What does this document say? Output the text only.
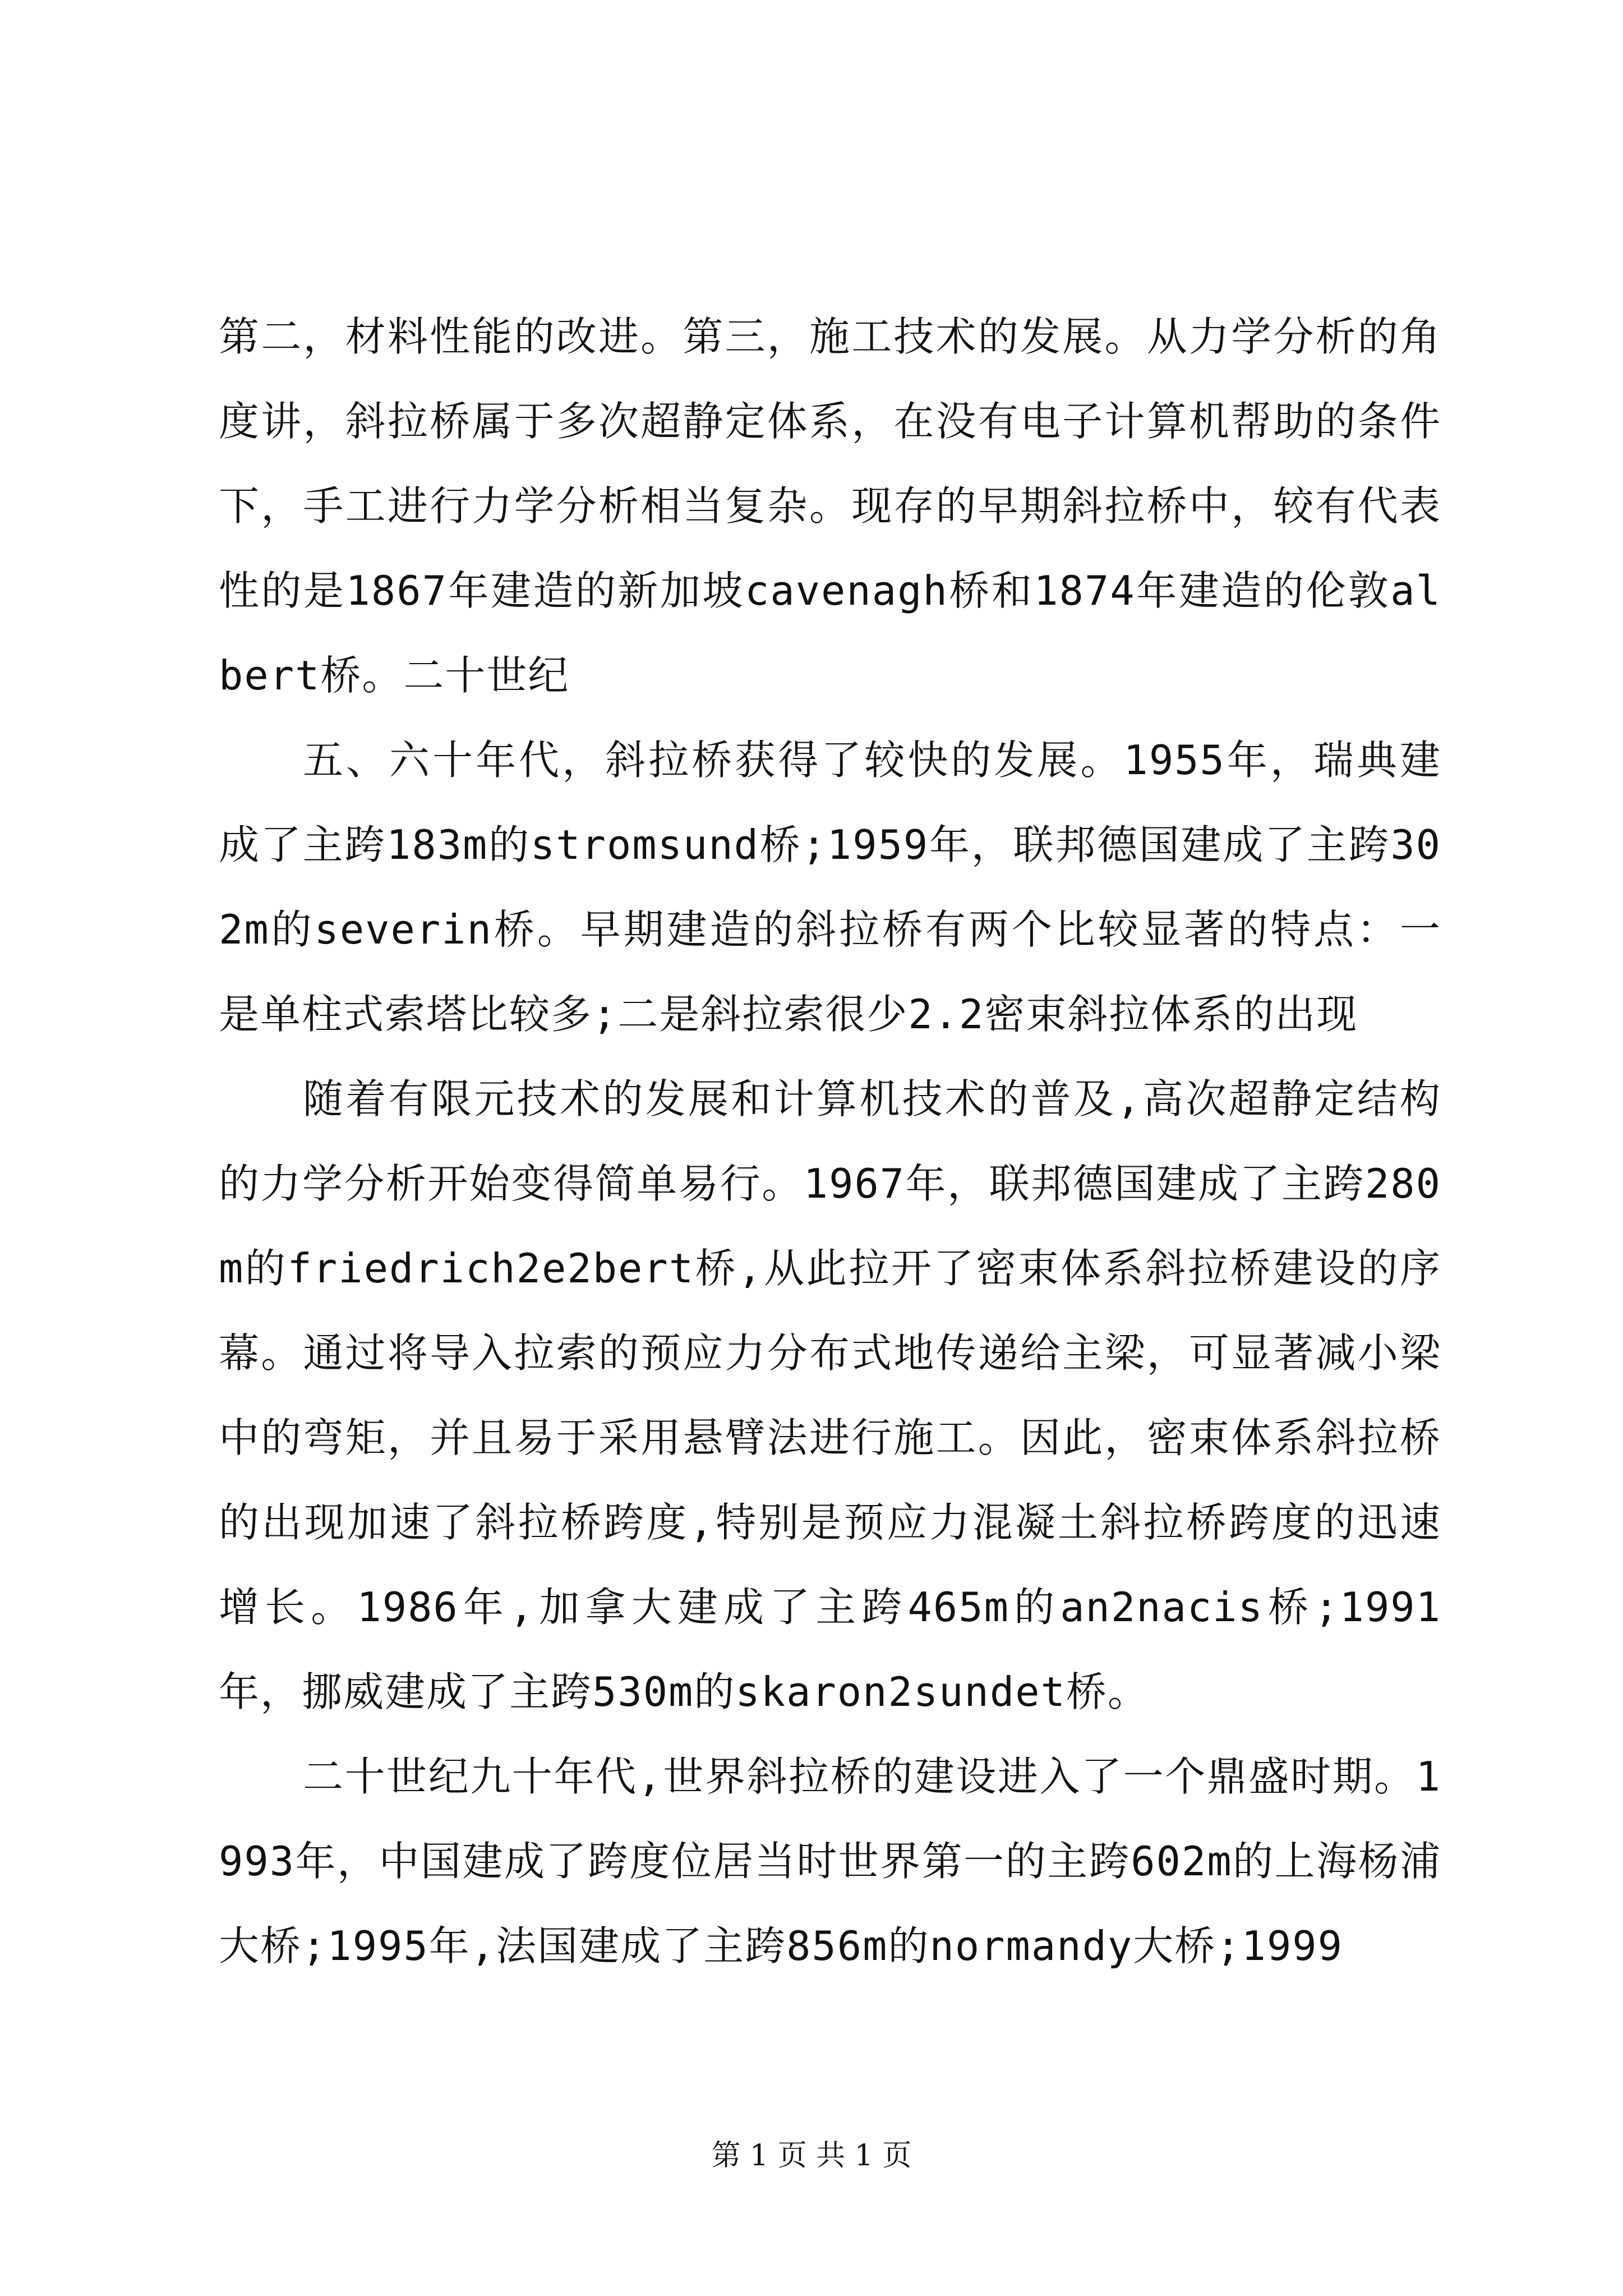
第二，材料性能的改进。第三，施工技术的发展。从力学分析的角度讲，斜拉桥属于多次超静定体系，在没有电子计算机帮助的条件下，手工进行力学分析相当复杂。现存的早期斜拉桥中，较有代表性的是1867年建造的新加坡cavenagh桥和1874年建造的伦敦albert桥。二十世纪

五、六十年代，斜拉桥获得了较快的发展。1955年，瑞典建成了主跨183m的stromsund桥;1959年，联邦德国建成了主跨302m的severin桥。早期建造的斜拉桥有两个比较显著的特点：一是单柱式索塔比较多;二是斜拉索很少2.2密束斜拉体系的出现

随着有限元技术的发展和计算机技术的普及,高次超静定结构的力学分析开始变得简单易行。1967年，联邦德国建成了主跨280m的friedrich2e2bert桥,从此拉开了密束体系斜拉桥建设的序幕。通过将导入拉索的预应力分布式地传递给主梁，可显著减小梁中的弯矩，并且易于采用悬臂法进行施工。因此，密束体系斜拉桥的出现加速了斜拉桥跨度,特别是预应力混凝土斜拉桥跨度的迅速增长。1986年,加拿大建成了主跨465m的an2nacis桥;1991年，挪威建成了主跨530m的skaron2sundet桥。

二十世纪九十年代,世界斜拉桥的建设进入了一个鼎盛时期。1993年，中国建成了跨度位居当时世界第一的主跨602m的上海杨浦大桥;1995年,法国建成了主跨856m的normandy大桥;1999

第 1 页 共 1 页
